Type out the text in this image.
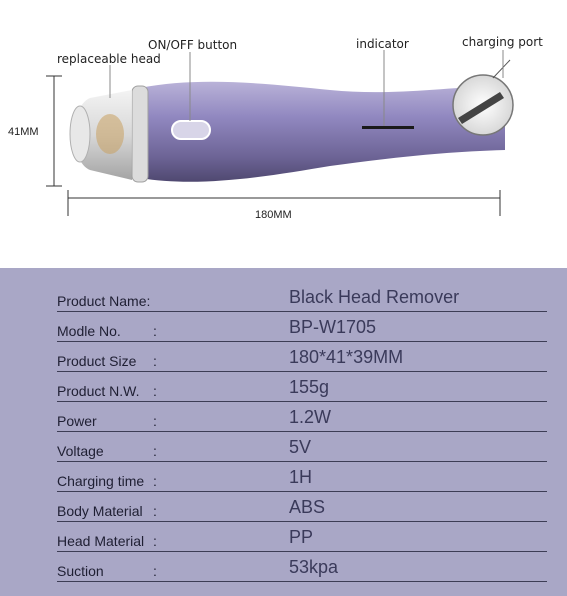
replaceable head
ON/OFF button	indicator	charging port
41MM
180MM
Product Name:	Black Head Remover
Modle No. :	BP-W1705
Product Size :	180*41*39MM
Product N.W. :	155g
Power	:	1.2W
Voltage	:	5V
Charging time :	1H
Body Material :	ABS
Head Material :	PP
Suction	:	53kpa
